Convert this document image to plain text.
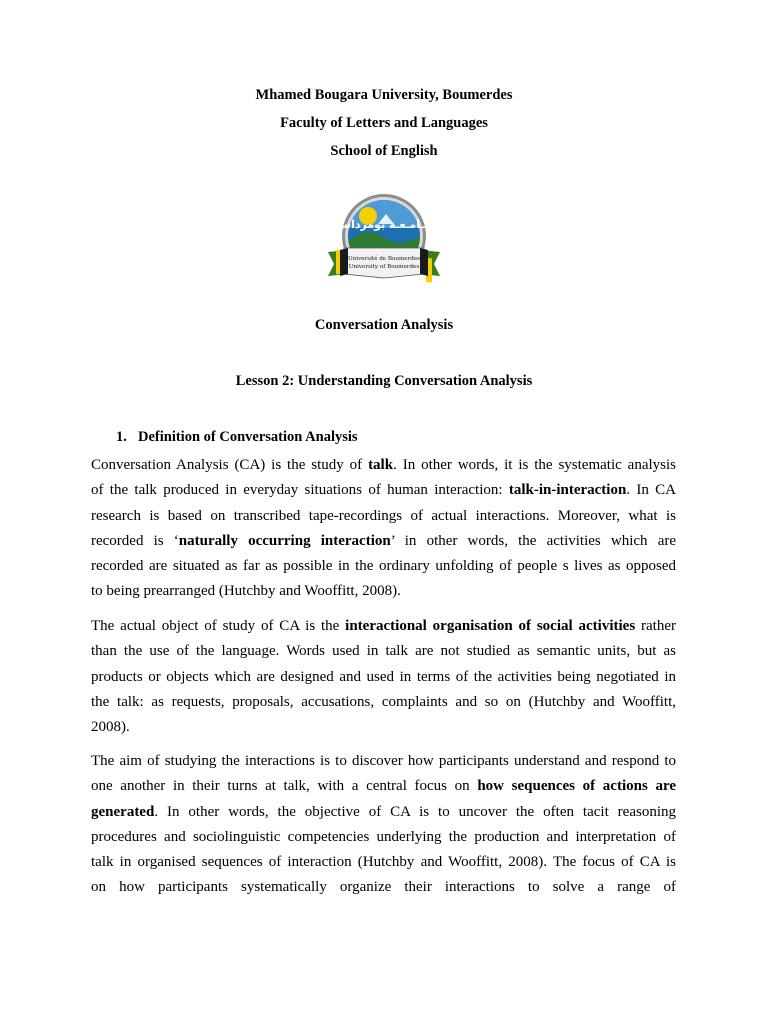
Mhamed Bougara University, Boumerdes
Faculty of Letters and Languages
School of English
جـامـعـة بومرداس
Université de Boumerdes
University of Boumerdes
Conversation Analysis
Lesson 2: Understanding Conversation Analysis
1. Definition of Conversation Analysis
Conversation Analysis (CA) is the study of talk. In other words, it is the systematic analysis
of the talk produced in everyday situations of human interaction: talk-in-interaction. In CA
research is based on transcribed tape-recordings of actual interactions. Moreover, what is
recorded is ‘naturally occurring interaction’ in other words, the activities which are
recorded are situated as far as possible in the ordinary unfolding of people s lives as opposed
to being prearranged (Hutchby and Wooffitt, 2008).
The actual object of study of CA is the interactional organisation of social activities rather
than the use of the language. Words used in talk are not studied as semantic units, but as
products or objects which are designed and used in terms of the activities being negotiated in
the talk: as requests, proposals, accusations, complaints and so on (Hutchby and Wooffitt,
2008).
The aim of studying the interactions is to discover how participants understand and respond to
one another in their turns at talk, with a central focus on how sequences of actions are
generated. In other words, the objective of CA is to uncover the often tacit reasoning
procedures and sociolinguistic competencies underlying the production and interpretation of
talk in organised sequences of interaction (Hutchby and Wooffitt, 2008). The focus of CA is
on how participants systematically organize their interactions to solve a range of
